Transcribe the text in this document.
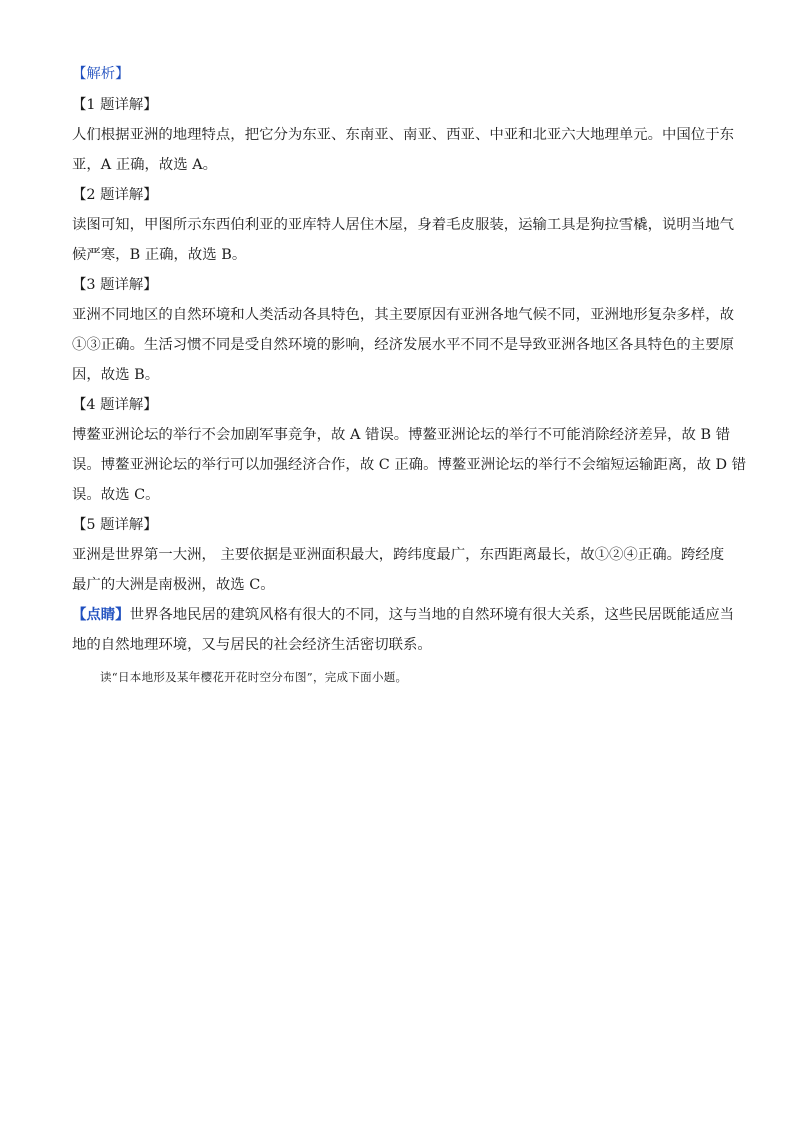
【解析】

【1 题详解】

人们根据亚洲的地理特点，把它分为东亚、东南亚、南亚、西亚、中亚和北亚六大地理单元。中国位于东

亚，A 正确，故选 A。

【2 题详解】

读图可知，甲图所示东西伯利亚的亚库特人居住木屋，身着毛皮服装，运输工具是狗拉雪橇，说明当地气

候严寒，B 正确，故选 B。

【3 题详解】

亚洲不同地区的自然环境和人类活动各具特色，其主要原因有亚洲各地气候不同，亚洲地形复杂多样，故

①③正确。生活习惯不同是受自然环境的影响，经济发展水平不同不是导致亚洲各地区各具特色的主要原

因，故选 B。

【4 题详解】

博鳌亚洲论坛的举行不会加剧军事竞争，故 A 错误。博鳌亚洲论坛的举行不可能消除经济差异，故 B 错

误。博鳌亚洲论坛的举行可以加强经济合作，故 C 正确。博鳌亚洲论坛的举行不会缩短运输距离，故 D 错

误。故选 C。

【5 题详解】

亚洲是世界第一大洲， 主要依据是亚洲面积最大，跨纬度最广，东西距离最长，故①②④正确。跨经度

最广的大洲是南极洲，故选 C。

【点睛】世界各地民居的建筑风格有很大的不同，这与当地的自然环境有很大关系，这些民居既能适应当

地的自然地理环境，又与居民的社会经济生活密切联系。

读“日本地形及某年樱花开花时空分布图”，完成下面小题。
